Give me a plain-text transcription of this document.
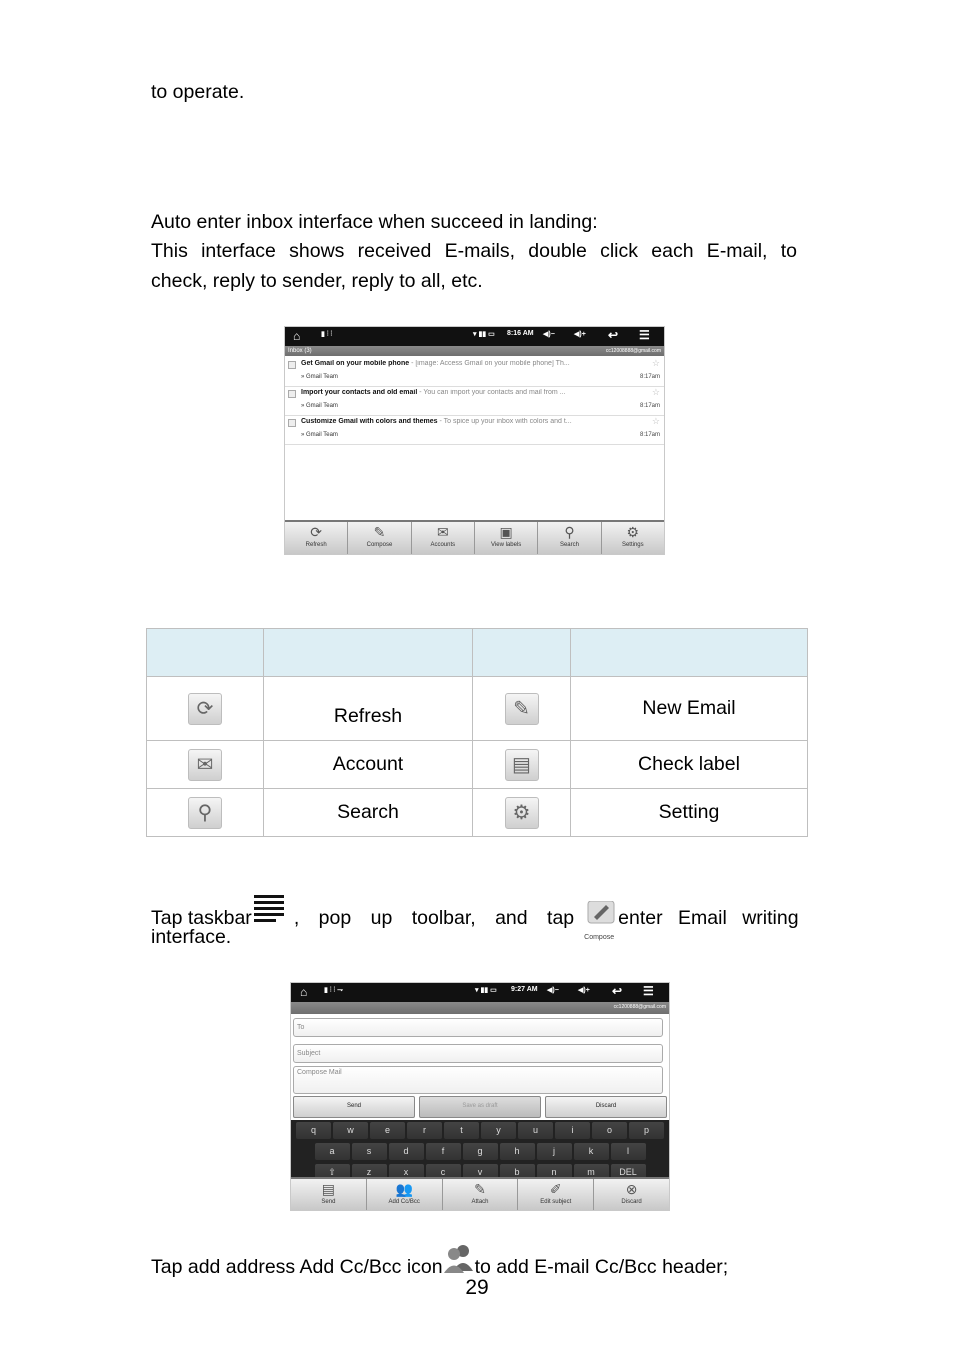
to operate.
Auto enter inbox interface when succeed in landing:
This interface shows received E-mails, double click each E-mail, to
check, reply to sender, reply to all, etc.
⌂	▮ ⫶ ⫶	▾ ▮▮ ▭ 8:16 AM ◀)−	◀)+ ↩ ☰
Inbox (3)	cc12008888@gmail.com
Get Gmail on your mobile phone - [image: Access Gmail on your mobile phone] Th...
» Gmail Team
☆
8:17am
Import your contacts and old email - You can import your contacts and mail from ...
» Gmail Team
☆
8:17am
Customize Gmail with colors and themes - To spice up your inbox with colors and t...
» Gmail Team
☆
8:17am
⟳
Refresh
✎
Compose
✉
Accounts
▣
View labels
⚲
Search
⚙
Settings

⟳	Refresh	✎	New Email
✉	Account	▤	Check label
⚲	Search	⚙	Setting
Tap taskbar , pop up toolbar, and tap
Compose
enter Email writing
interface.
⌂ ▮ ⫶ ⫶ ⇁	▾ ▮▮ ▭ 9:27 AM ◀)−	◀)+ ↩ ☰
cc1200888@gmail.com
To
Subject
Compose Mail
Send	Save as draft	Discard
q	w	e	r	t	y	u	i	o	p
a	s	d	f	g	h	j	k	l
⇧	z	x	c	v	b	n	m	DEL
▤
Send
👥
Add Cc/Bcc
✎
Attach
✐
Edit subject
⊗
Discard
Tap add address Add Cc/Bcc icon to add E-mail Cc/Bcc header;
29
